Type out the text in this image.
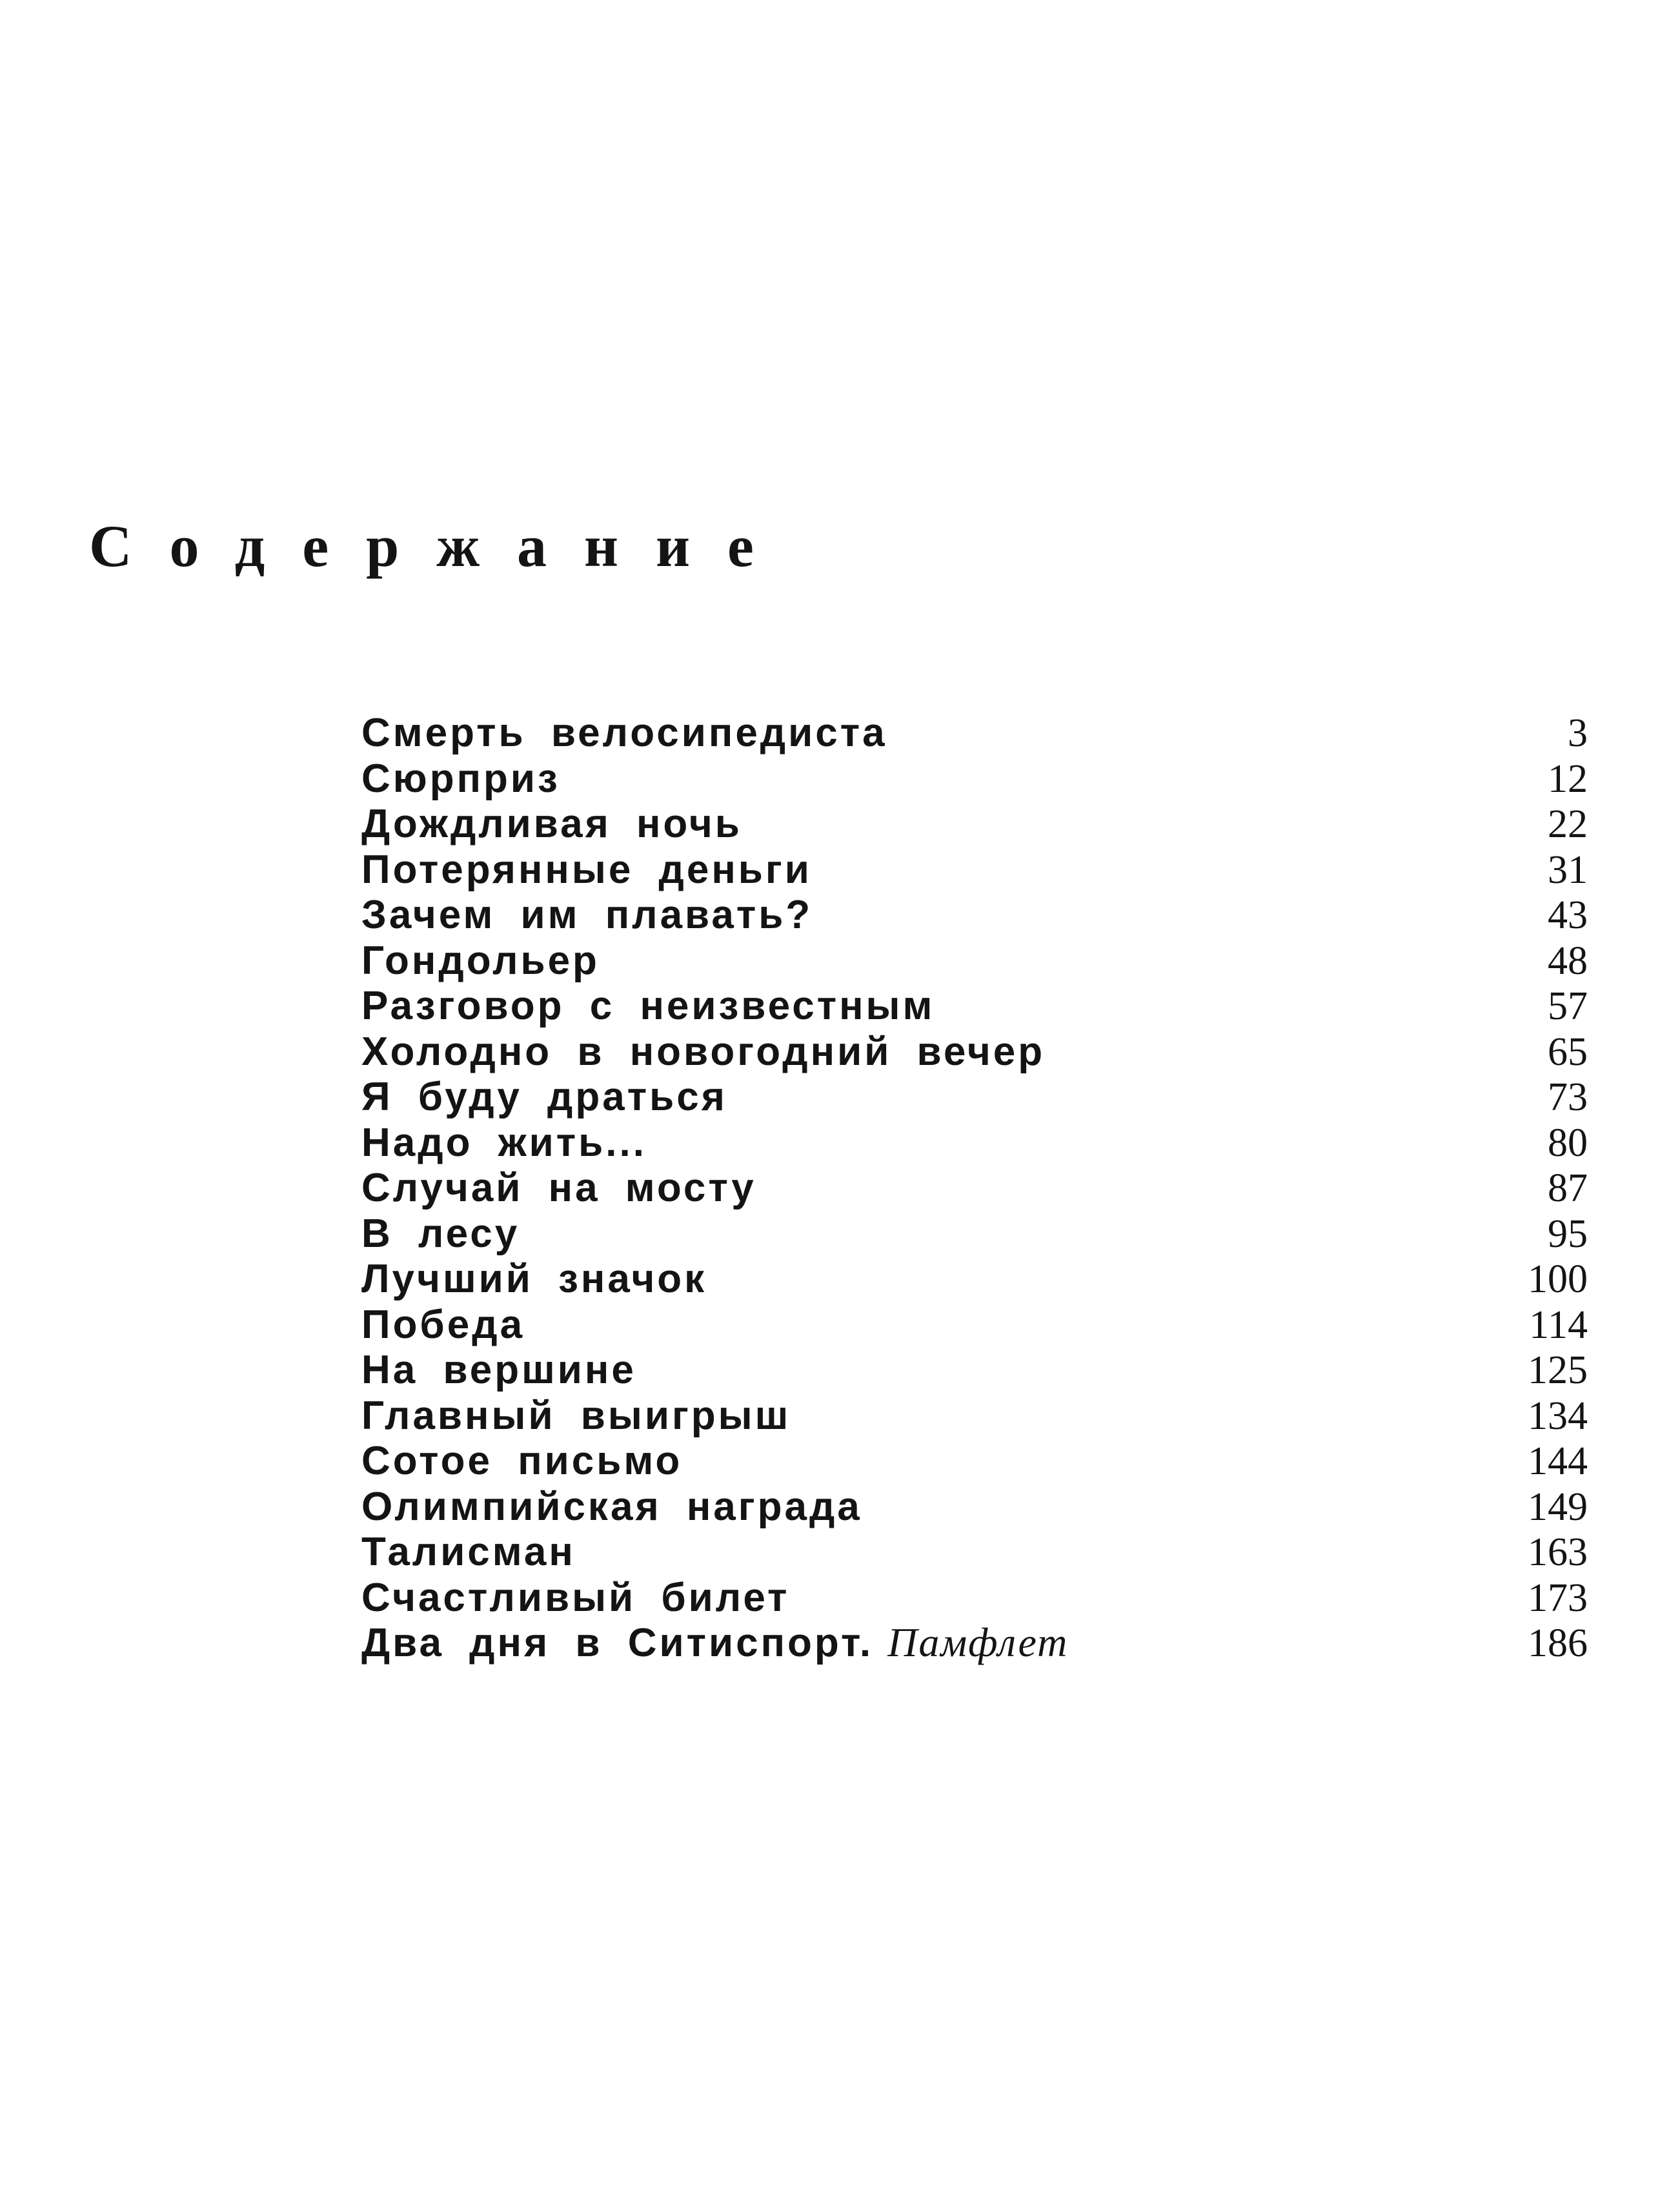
Содержание
Смерть велосипедиста	3
Сюрприз	12
Дождливая ночь	22
Потерянные деньги	31
Зачем им плавать?	43
Гондольер	48
Разговор с неизвестным	57
Холодно в новогодний вечер	65
Я буду драться	73
Надо жить...	80
Случай на мосту	87
В лесу	95
Лучший значок	100
Победа	114
На вершине	125
Главный выигрыш	134
Сотое письмо	144
Олимпийская награда	149
Талисман	163
Счастливый билет	173
Два дня в Ситиспорт. Памфлет	186
